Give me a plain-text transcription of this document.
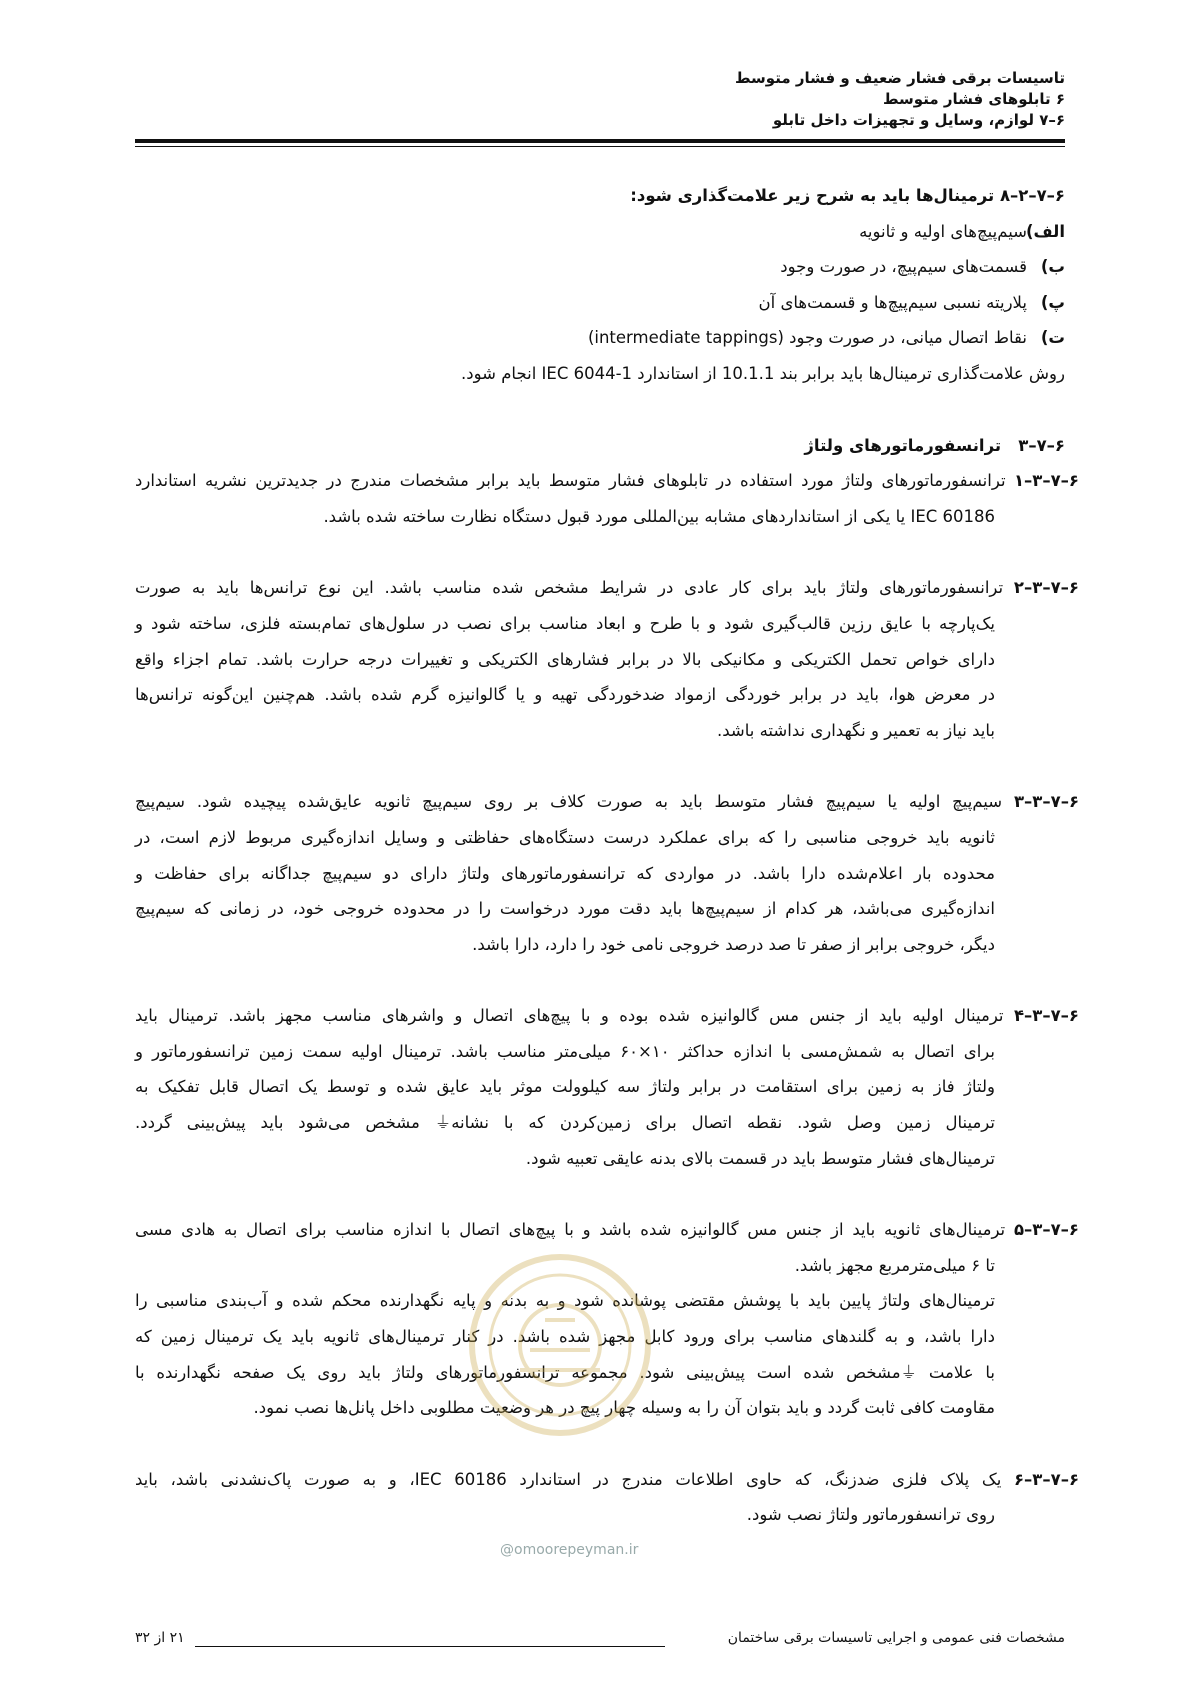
تاسیسات برقی فشار ضعیف و فشار متوسط
۶ تابلوهای فشار متوسط
۶–۷ لوازم، وسایل و تجهیزات داخل تابلو
۶–۷–۲–۸ ترمینال‌ها باید به شرح زیر علامت‌گذاری شود:
الف)سیم‌پیچ‌های اولیه و ثانویه
ب)قسمت‌های سیم‌پیچ، در صورت وجود
پ)پلاریته نسبی سیم‌پیچ‌ها و قسمت‌های آن
ت)نقاط اتصال میانی، در صورت وجود (intermediate tappings)
روش علامت‌گذاری ترمینال‌ها باید برابر بند 10.1.1 از استاندارد IEC 6044-1 انجام شود.
۶–۷–۳   ترانسفورماتورهای ولتاژ
۶–۷–۳–۱ ترانسفورماتورهای ولتاژ مورد استفاده در تابلوهای فشار متوسط باید برابر مشخصات مندرج در جدیدترین نشریه استاندارد
IEC 60186 یا یکی از استانداردهای مشابه بین‌المللی مورد قبول دستگاه نظارت ساخته شده باشد.
۶–۷–۳–۲ ترانسفورماتورهای ولتاژ باید برای کار عادی در شرایط مشخص شده مناسب باشد. این نوع ترانس‌ها باید به صورت
یک‌پارچه با عایق رزین قالب‌گیری شود و با طرح و ابعاد مناسب برای نصب در سلول‌های تمام‌بسته فلزی، ساخته شود و
دارای خواص تحمل الکتریکی و مکانیکی بالا در برابر فشارهای الکتریکی و تغییرات درجه حرارت باشد. تمام اجزاء واقع
در معرض هوا، باید در برابر خوردگی ازمواد ضدخوردگی تهیه و یا گالوانیزه گرم شده باشد. هم‌چنین این‌گونه ترانس‌ها
باید نیاز به تعمیر و نگهداری نداشته باشد.
۶–۷–۳–۳ سیم‌پیچ اولیه یا سیم‌پیچ فشار متوسط باید به صورت کلاف بر روی سیم‌پیچ ثانویه عایق‌شده پیچیده شود. سیم‌پیچ
ثانویه باید خروجی مناسبی را که برای عملکرد درست دستگاه‌های حفاظتی و وسایل اندازه‌گیری مربوط لازم است، در
محدوده بار اعلام‌شده دارا باشد. در مواردی که ترانسفورماتورهای ولتاژ دارای دو سیم‌پیچ جداگانه برای حفاظت و
اندازه‌گیری می‌باشد، هر کدام از سیم‌پیچ‌ها باید دقت مورد درخواست را در محدوده خروجی خود، در زمانی که سیم‌پیچ
دیگر، خروجی برابر از صفر تا صد درصد خروجی نامی خود را دارد، دارا باشد.
۶–۷–۳–۴ ترمینال اولیه باید از جنس مس گالوانیزه شده بوده و با پیچ‌های اتصال و واشرهای مناسب مجهز باشد. ترمینال باید
برای اتصال به شمش‌مسی با اندازه حداکثر ۱۰×۶۰ میلی‌متر مناسب باشد. ترمینال اولیه سمت زمین ترانسفورماتور و
ولتاژ فاز به زمین برای استقامت در برابر ولتاژ سه کیلوولت موثر باید عایق شده و توسط یک اتصال قابل تفکیک به
ترمینال زمین وصل شود. نقطه اتصال برای زمین‌کردن که با نشانه⏚ مشخص می‌شود باید پیش‌بینی گردد.
ترمینال‌های فشار متوسط باید در قسمت بالای بدنه عایقی تعبیه شود.
۶–۷–۳–۵ ترمینال‌های ثانویه باید از جنس مس گالوانیزه شده باشد و با پیچ‌های اتصال با اندازه مناسب برای اتصال به هادی مسی
تا ۶ میلی‌مترمربع مجهز باشد.
ترمینال‌های ولتاژ پایین باید با پوشش مقتضی پوشانده شود و به بدنه و پایه نگهدارنده محکم شده و آب‌بندی مناسبی را
دارا باشد، و به گلندهای مناسب برای ورود کابل مجهز شده باشد. در کنار ترمینال‌های ثانویه باید یک ترمینال زمین که
با علامت ⏚مشخص شده است پیش‌بینی شود. مجموعه ترانسفورماتورهای ولتاژ باید روی یک صفحه نگهدارنده با
مقاومت کافی ثابت گردد و باید بتوان آن را به وسیله چهار پیچ در هر وضعیت مطلوبی داخل پانل‌ها نصب نمود.
۶–۷–۳–۶ یک پلاک فلزی ضدزنگ، که حاوی اطلاعات مندرج در استاندارد IEC 60186، و به صورت پاک‌نشدنی باشد، باید
روی ترانسفورماتور ولتاژ نصب شود.
@omoorepeyman.ir
مشخصات فنی عمومی و اجرایی تاسیسات برقی ساختمان
۲۱ از ۳۲
